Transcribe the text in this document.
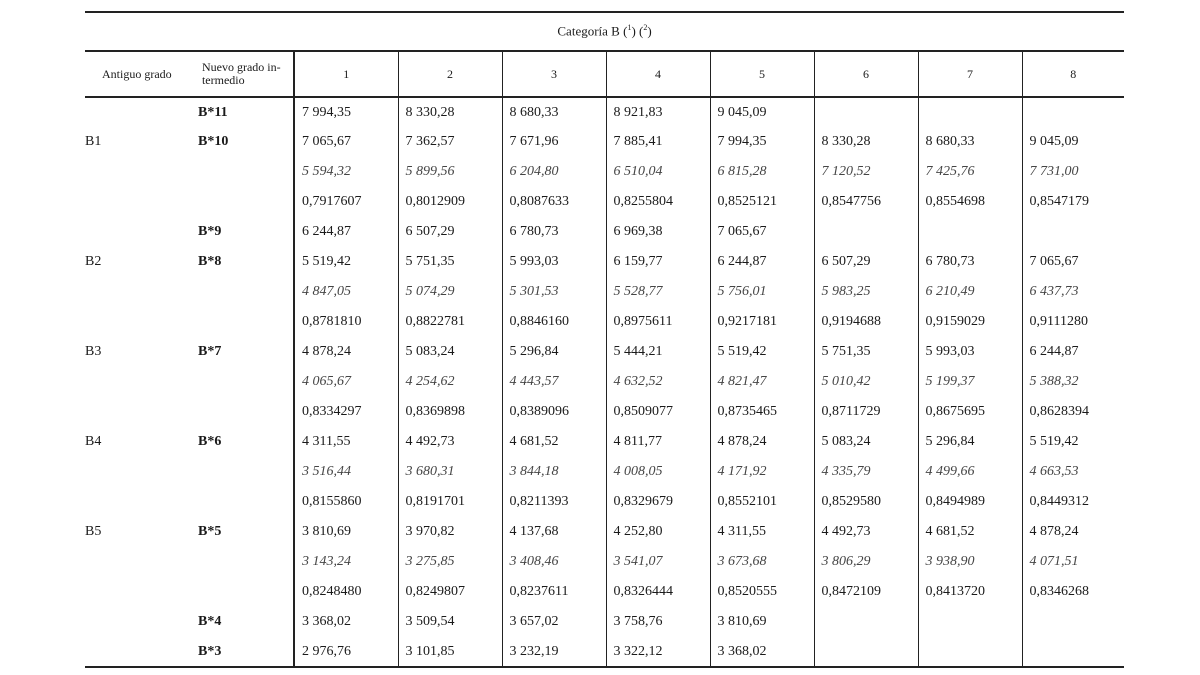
Categoría B ($^1$) ($^2$)								

Antiguo grado Nuevo grado in-termedio	1	2	3	4	5	6	7	8

B*11	7 994,35	8 330,28	8 680,33	8 921,83	9 045,09			

B1 B*10	7 065,67	7 362,57	7 671,96	7 885,41	7 994,35	8 330,28	8 680,33	9 045,09

	5 594,32	5 899,56	6 204,80	6 510,04	6 815,28	7 120,52	7 425,76	7 731,00

	0,7917607	0,8012909	0,8087633	0,8255804	0,8525121	0,8547756	0,8554698	0,8547179

B*9	6 244,87	6 507,29	6 780,73	6 969,38	7 065,67			

B2 B*8	5 519,42	5 751,35	5 993,03	6 159,77	6 244,87	6 507,29	6 780,73	7 065,67

	4 847,05	5 074,29	5 301,53	5 528,77	5 756,01	5 983,25	6 210,49	6 437,73

	0,8781810	0,8822781	0,8846160	0,8975611	0,9217181	0,9194688	0,9159029	0,9111280

B3 B*7	4 878,24	5 083,24	5 296,84	5 444,21	5 519,42	5 751,35	5 993,03	6 244,87

	4 065,67	4 254,62	4 443,57	4 632,52	4 821,47	5 010,42	5 199,37	5 388,32

	0,8334297	0,8369898	0,8389096	0,8509077	0,8735465	0,8711729	0,8675695	0,8628394

B4 B*6	4 311,55	4 492,73	4 681,52	4 811,77	4 878,24	5 083,24	5 296,84	5 519,42

	3 516,44	3 680,31	3 844,18	4 008,05	4 171,92	4 335,79	4 499,66	4 663,53

	0,8155860	0,8191701	0,8211393	0,8329679	0,8552101	0,8529580	0,8494989	0,8449312

B5 B*5	3 810,69	3 970,82	4 137,68	4 252,80	4 311,55	4 492,73	4 681,52	4 878,24

	3 143,24	3 275,85	3 408,46	3 541,07	3 673,68	3 806,29	3 938,90	4 071,51

	0,8248480	0,8249807	0,8237611	0,8326444	0,8520555	0,8472109	0,8413720	0,8346268

B*4	3 368,02	3 509,54	3 657,02	3 758,76	3 810,69			

B*3	2 976,76	3 101,85	3 232,19	3 322,12	3 368,02			
